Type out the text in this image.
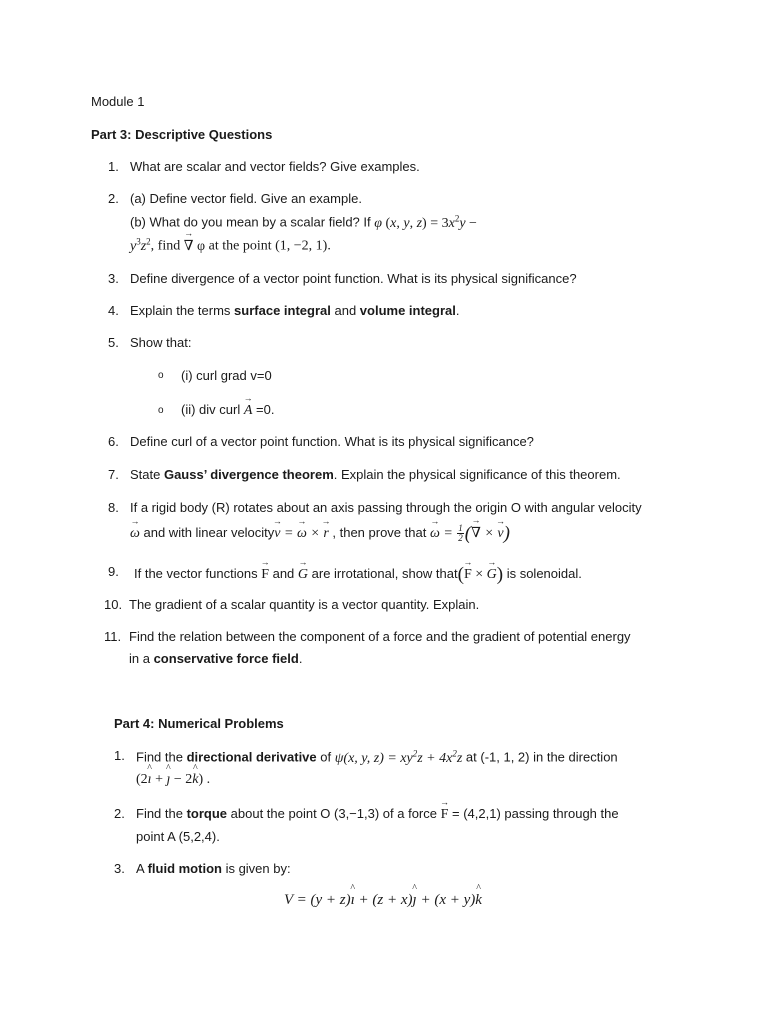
Module 1
Part 3: Descriptive Questions
1. What are scalar and vector fields? Give examples.
2. (a) Define vector field. Give an example.
(b) What do you mean by a scalar field? If φ (x, y, $z) = 3x^2y$ −
$y^3z^2$, find → ∇ φ at the point (1, −2, 1).
3. Define divergence of a vector point function. What is its physical significance?
4. Explain the terms surface integral and volume integral.
5. Show that:
o (i) curl grad v=0
o (ii) div curl → A =0.
6. Define curl of a vector point function. What is its physical significance?
7. State Gauss’ divergence theorem. Explain the physical significance of this theorem.
8. If a rigid body (R) rotates about an axis passing through the origin O with angular velocity
→ ω and with linear velocity→ v = → ω × → r , then prove that → $\omega = \frac{1}{2}$ (→ ∇ × → v)
9. If the vector functions → F and → G are irrotational, show that(→ F × → G) is solenoidal.
10. The gradient of a scalar quantity is a vector quantity. Explain.
11. Find the relation between the component of a force and the gradient of potential energy
in a conservative force field.
Part 4: Numerical Problems
1. Find the directional derivative of ψ(x, y, $z) = xy^2z + 4x^2z$ at (-1, 1, 2) in the direction
(2^ ı + ^ ȷ − 2^ k) .
2. Find the torque about the point O (3,−1,3) of a force → F = (4,2,1) passing through the
point A (5,2,4).
3. A fluid motion is given by:
V = (y + z)^ ı + (z + x)^ ȷ + (x + y)^ k
